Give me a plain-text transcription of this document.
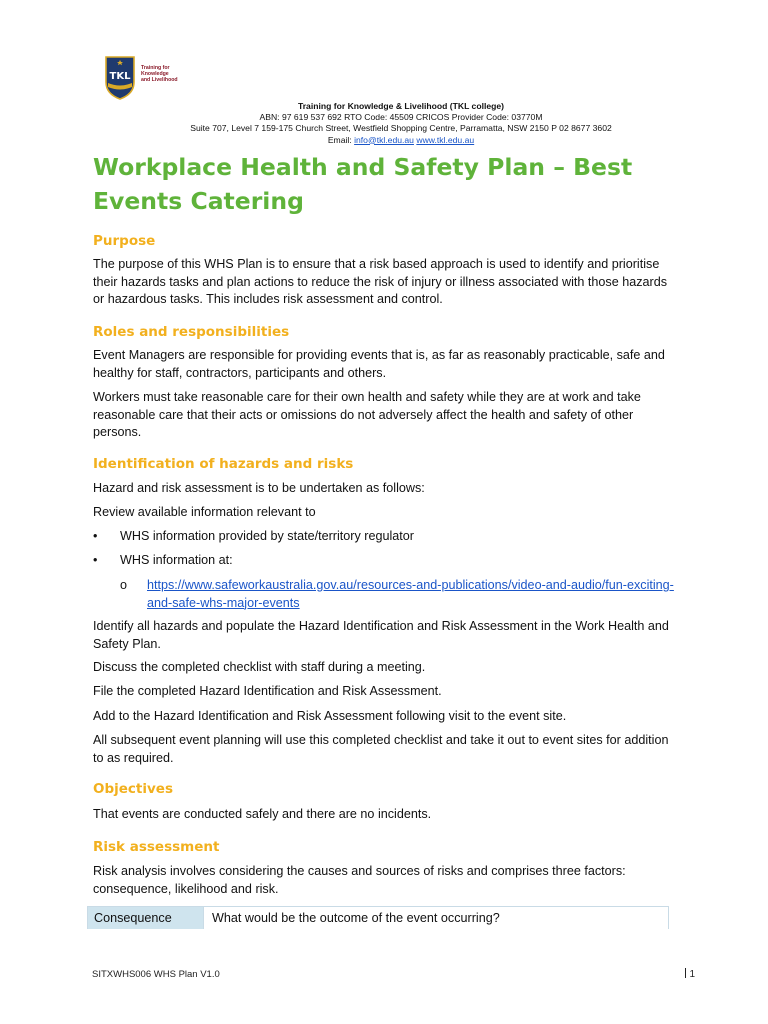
TKL
Training for
Knowledge
and Livelihood
Training for Knowledge & Livelihood (TKL college)
ABN: 97 619 537 692 RTO Code: 45509 CRICOS Provider Code: 03770M
Suite 707, Level 7 159-175 Church Street, Westfield Shopping Centre, Parramatta, NSW 2150 P 02 8677 3602
Email: info@tkl.edu.au www.tkl.edu.au
Workplace Health and Safety Plan – Best Events Catering
Purpose

The purpose of this WHS Plan is to ensure that a risk based approach is used to identify and prioritise their hazards tasks and plan actions to reduce the risk of injury or illness associated with those hazards or hazardous tasks. This includes risk assessment and control.

Roles and responsibilities

Event Managers are responsible for providing events that is, as far as reasonably practicable, safe and healthy for staff, contractors, participants and others.

Workers must take reasonable care for their own health and safety while they are at work and take reasonable care that their acts or omissions do not adversely affect the health and safety of other persons.

Identification of hazards and risks

Hazard and risk assessment is to be undertaken as follows:

Review available information relevant to

• WHS information provided by state/territory regulator
• WHS information at:
o https://www.safeworkaustralia.gov.au/resources-and-publications/video-and-audio/fun-exciting-and-safe-whs-major-events

Identify all hazards and populate the Hazard Identification and Risk Assessment in the Work Health and Safety Plan.

Discuss the completed checklist with staff during a meeting.

File the completed Hazard Identification and Risk Assessment.

Add to the Hazard Identification and Risk Assessment following visit to the event site.

All subsequent event planning will use this completed checklist and take it out to event sites for addition to as required.

Objectives

That events are conducted safely and there are no incidents.

Risk assessment

Risk analysis involves considering the causes and sources of risks and comprises three factors: consequence, likelihood and risk.

Consequence	What would be the outcome of the event occurring?
SITXWHS006 WHS Plan V1.0	1
